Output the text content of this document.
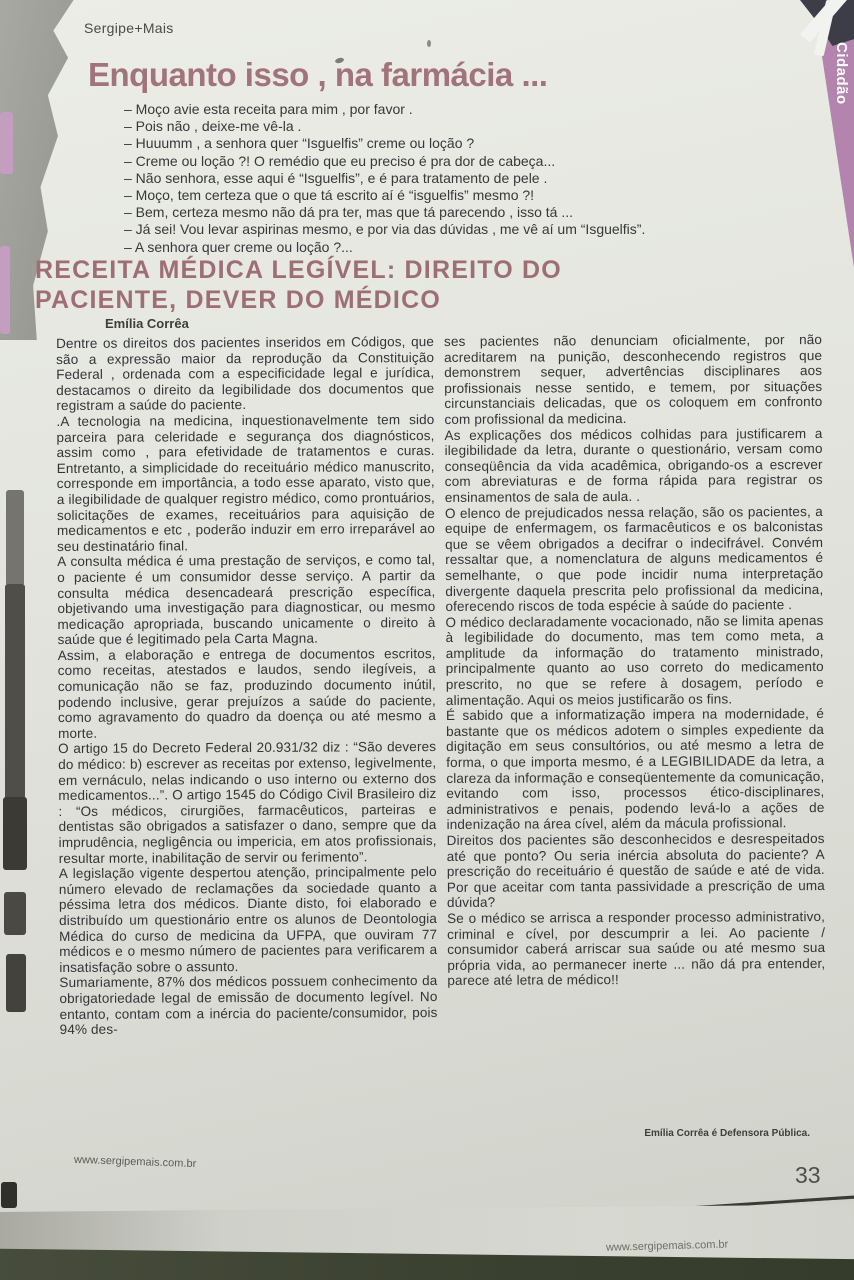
Cidadão
Sergipe+Mais
Enquanto isso , na farmácia ...
– Moço avie esta receita para mim , por favor .
– Pois não , deixe-me vê-la .
– Huuumm , a senhora quer “Isguelfis” creme ou loção ?
– Creme ou loção ?! O remédio que eu preciso é pra dor de cabeça...
– Não senhora, esse aqui é “Isguelfis”, e é para tratamento de pele .
– Moço, tem certeza que o que tá escrito aí é “isguelfis” mesmo ?!
– Bem, certeza mesmo não dá pra ter, mas que tá parecendo , isso tá ...
– Já sei! Vou levar aspirinas mesmo, e por via das dúvidas , me vê aí um “Isguelfis”.
– A senhora quer creme ou loção ?...
RECEITA MÉDICA LEGÍVEL: DIREITO DO
PACIENTE, DEVER DO MÉDICO
Emília Corrêa

Dentre os direitos dos pacientes inseridos em Códigos, que são a expressão maior da reprodução da Constituição Federal , ordenada com a especificidade legal e jurídica, destacamos o direito da legibilidade dos documentos que registram a saúde do paciente.

.A tecnologia na medicina, inquestionavelmente tem sido parceira para celeridade e segurança dos diagnósticos, assim como , para efetividade de tratamentos e curas. Entretanto, a simplicidade do receituário médico manuscrito, corresponde em importância, a todo esse aparato, visto que, a ilegibilidade de qualquer registro médico, como prontuários, solicitações de exames, receituários para aquisição de medicamentos e etc , poderão induzir em erro irreparável ao seu destinatário final.

A consulta médica é uma prestação de serviços, e como tal, o paciente é um consumidor desse serviço. A partir da consulta médica desencadeará prescrição específica, objetivando uma investigação para diagnosticar, ou mesmo medicação apropriada, buscando unicamente o direito à saúde que é legitimado pela Carta Magna.

Assim, a elaboração e entrega de documentos escritos, como receitas, atestados e laudos, sendo ilegíveis, a comunicação não se faz, produzindo documento inútil, podendo inclusive, gerar prejuízos a saúde do paciente, como agravamento do quadro da doença ou até mesmo a morte.

O artigo 15 do Decreto Federal 20.931/32 diz : “São deveres do médico: b) escrever as receitas por extenso, legivelmente, em vernáculo, nelas indicando o uso interno ou externo dos medicamentos...”. O artigo 1545 do Código Civil Brasileiro diz : “Os médicos, cirurgiões, farmacêuticos, parteiras e dentistas são obrigados a satisfazer o dano, sempre que da imprudência, negligência ou impericia, em atos profissionais, resultar morte, inabilitação de servir ou ferimento”.

A legislação vigente despertou atenção, principalmente pelo número elevado de reclamações da sociedade quanto a péssima letra dos médicos. Diante disto, foi elaborado e distribuído um questionário entre os alunos de Deontologia Médica do curso de medicina da UFPA, que ouviram 77 médicos e o mesmo número de pacientes para verificarem a insatisfação sobre o assunto.

Sumariamente, 87% dos médicos possuem conhecimento da obrigatoriedade legal de emissão de documento legível. No entanto, contam com a inércia do paciente/consumidor, pois 94% des-

ses pacientes não denunciam oficialmente, por não acreditarem na punição, desconhecendo registros que demonstrem sequer, advertências disciplinares aos profissionais nesse sentido, e temem, por situações circunstanciais delicadas, que os coloquem em confronto com profissional da medicina.

As explicações dos médicos colhidas para justificarem a ilegibilidade da letra, durante o questionário, versam como conseqüência da vida acadêmica, obrigando-os a escrever com abreviaturas e de forma rápida para registrar os ensinamentos de sala de aula. .

O elenco de prejudicados nessa relação, são os pacientes, a equipe de enfermagem, os farmacêuticos e os balconistas que se vêem obrigados a decifrar o indecifrável. Convém ressaltar que, a nomenclatura de alguns medicamentos é semelhante, o que pode incidir numa interpretação divergente daquela prescrita pelo profissional da medicina, oferecendo riscos de toda espécie à saúde do paciente .

O médico declaradamente vocacionado, não se limita apenas à legibilidade do documento, mas tem como meta, a amplitude da informação do tratamento ministrado, principalmente quanto ao uso correto do medicamento prescrito, no que se refere à dosagem, período e alimentação. Aqui os meios justificarão os fins.

É sabido que a informatização impera na modernidade, é bastante que os médicos adotem o simples expediente da digitação em seus consultórios, ou até mesmo a letra de forma, o que importa mesmo, é a LEGIBILIDADE da letra, a clareza da informação e conseqüentemente da comunicação, evitando com isso, processos ético-disciplinares, administrativos e penais, podendo levá-lo a ações de indenização na área cível, além da mácula profissional.

Direitos dos pacientes são desconhecidos e desrespeitados até que ponto? Ou seria inércia absoluta do paciente? A prescrição do receituário é questão de saúde e até de vida. Por que aceitar com tanta passividade a prescrição de uma dúvida?

Se o médico se arrisca a responder processo administrativo, criminal e cível, por descumprir a lei. Ao paciente / consumidor caberá arriscar sua saúde ou até mesmo sua própria vida, ao permanecer inerte ... não dá pra entender, parece até letra de médico!!

Emília Corrêa é Defensora Pública.
www.sergipemais.com.br	33
www.sergipemais.com.br
